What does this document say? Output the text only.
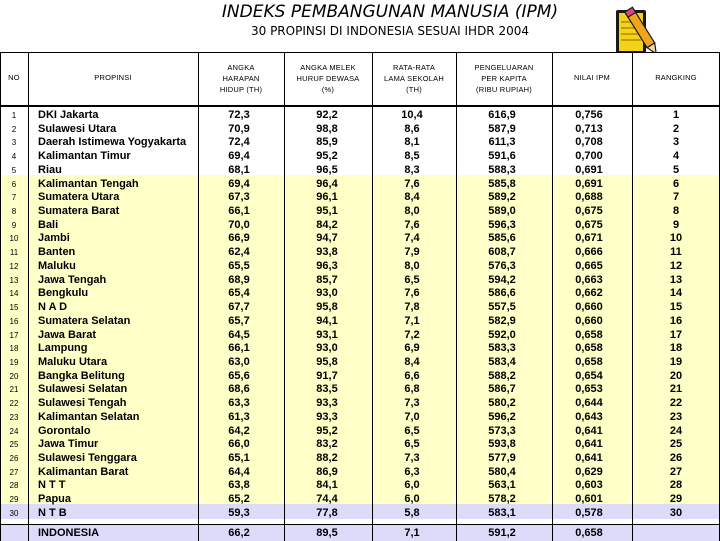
INDEKS PEMBANGUNAN MANUSIA (IPM)
30 PROPINSI DI INDONESIA SESUAI IHDR 2004
NO	PROPINSI
ANGKA
HARAPAN
HIDUP (TH)
ANGKA MELEK
HURUF DEWASA
(%)
RATA-RATA
LAMA SEKOLAH
(TH)
PENGELUARAN
PER KAPITA
(RIBU RUPIAH)
NILAI IPM	RANGKING
1	DKI Jakarta	72,3	92,2	10,4	616,9	0,756	1
2	Sulawesi Utara	70,9	98,8	8,6	587,9	0,713	2
3	Daerah Istimewa Yogyakarta	72,4	85,9	8,1	611,3	0,708	3
4	Kalimantan Timur	69,4	95,2	8,5	591,6	0,700	4
5	Riau	68,1	96,5	8,3	588,3	0,691	5
6	Kalimantan Tengah	69,4	96,4	7,6	585,8	0,691	6
7	Sumatera Utara	67,3	96,1	8,4	589,2	0,688	7
8	Sumatera Barat	66,1	95,1	8,0	589,0	0,675	8
9	Bali	70,0	84,2	7,6	596,3	0,675	9
10	Jambi	66,9	94,7	7,4	585,6	0,671	10
11	Banten	62,4	93,8	7,9	608,7	0,666	11
12	Maluku	65,5	96,3	8,0	576,3	0,665	12
13	Jawa Tengah	68,9	85,7	6,5	594,2	0,663	13
14	Bengkulu	65,4	93,0	7,6	586,6	0,662	14
15	N A D	67,7	95,8	7,8	557,5	0,660	15
16	Sumatera Selatan	65,7	94,1	7,1	582,9	0,660	16
17	Jawa Barat	64,5	93,1	7,2	592,0	0,658	17
18	Lampung	66,1	93,0	6,9	583,3	0,658	18
19	Maluku Utara	63,0	95,8	8,4	583,4	0,658	19
20	Bangka Belitung	65,6	91,7	6,6	588,2	0,654	20
21	Sulawesi Selatan	68,6	83,5	6,8	586,7	0,653	21
22	Sulawesi Tengah	63,3	93,3	7,3	580,2	0,644	22
23	Kalimantan Selatan	61,3	93,3	7,0	596,2	0,643	23
24	Gorontalo	64,2	95,2	6,5	573,3	0,641	24
25	Jawa Timur	66,0	83,2	6,5	593,8	0,641	25
26	Sulawesi Tenggara	65,1	88,2	7,3	577,9	0,641	26
27	Kalimantan Barat	64,4	86,9	6,3	580,4	0,629	27
28	N T T	63,8	84,1	6,0	563,1	0,603	28
29	Papua	65,2	74,4	6,0	578,2	0,601	29
30	N T B	59,3	77,8	5,8	583,1	0,578	30
INDONESIA	66,2	89,5	7,1	591,2	0,658
